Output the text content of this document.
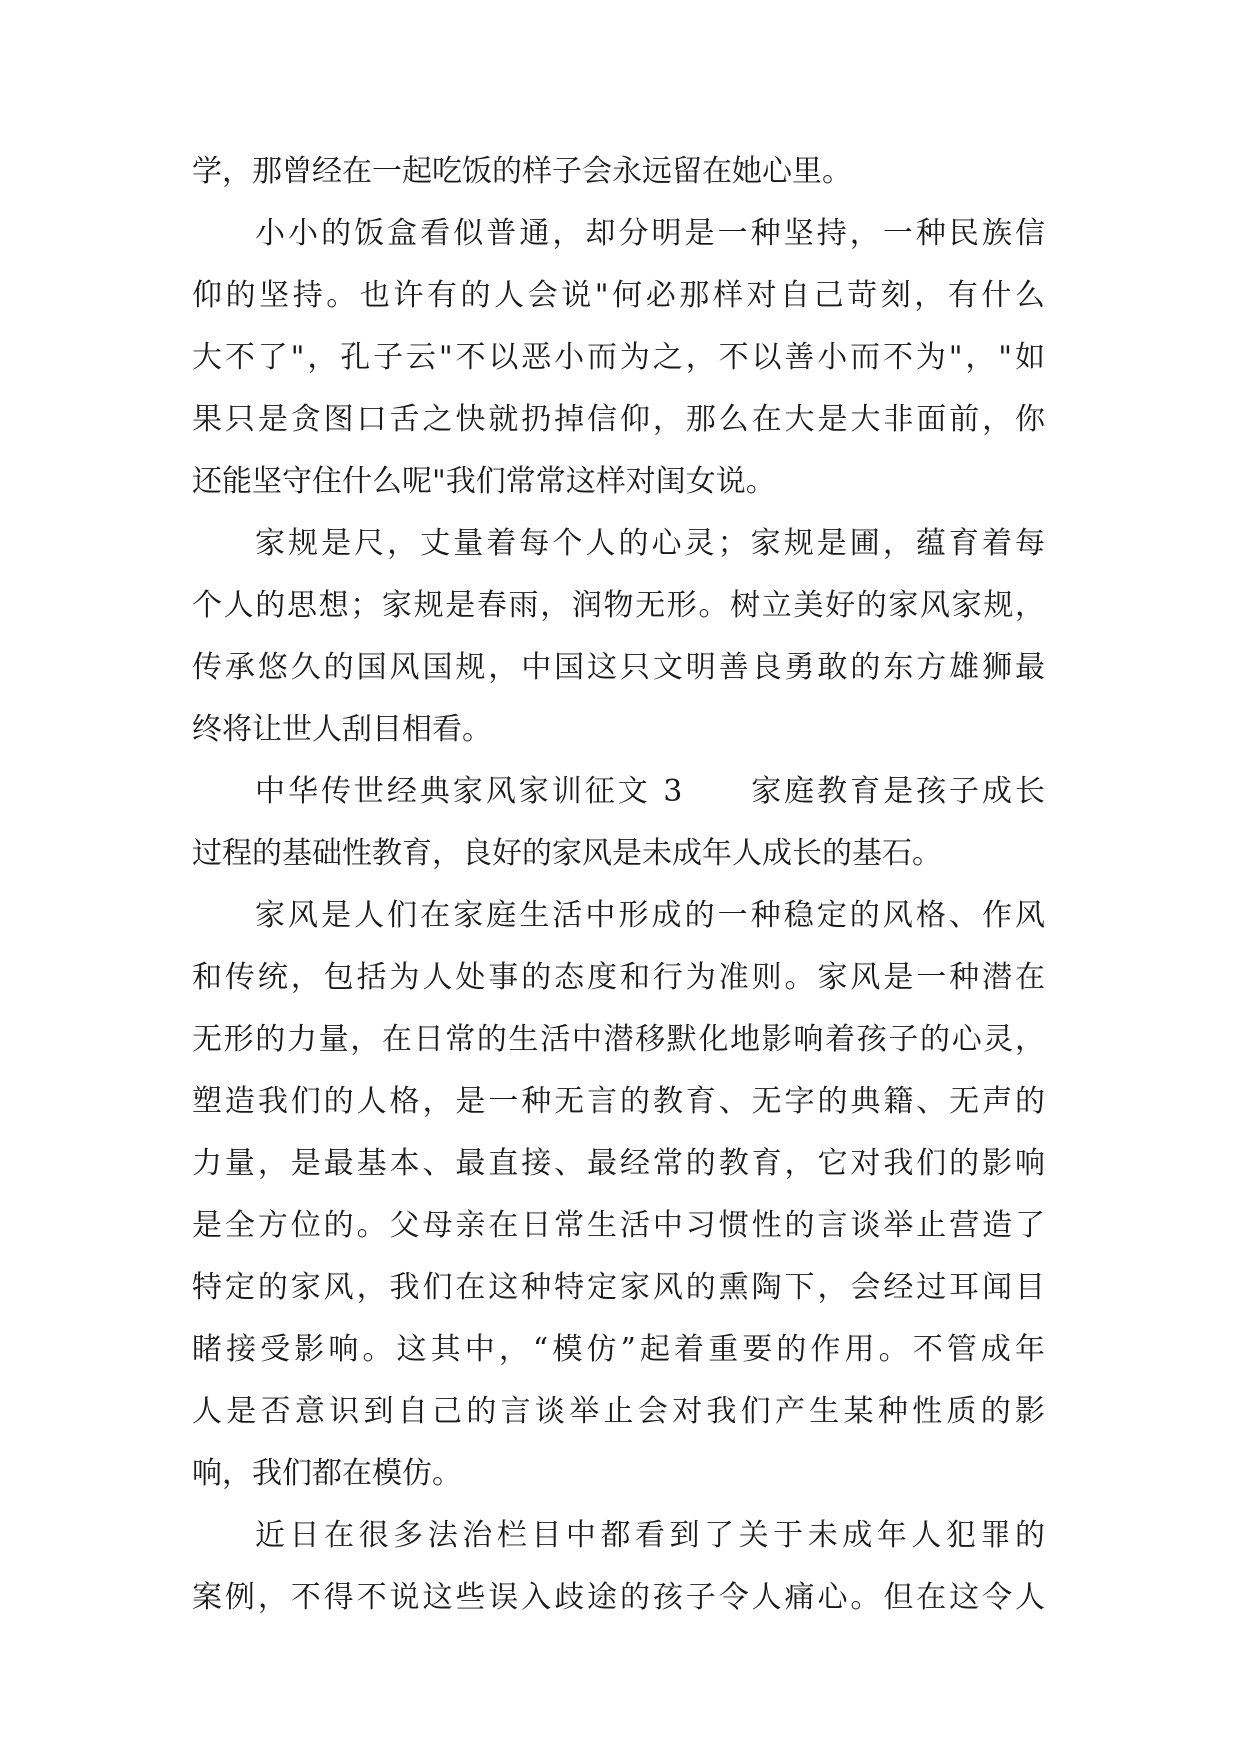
学，那曾经在一起吃饭的样子会永远留在她心里。
小小的饭盒看似普通，却分明是一种坚持，一种民族信
仰的坚持。也许有的人会说"何必那样对自己苛刻，有什么
大不了"，孔子云"不以恶小而为之，不以善小而不为"，"如
果只是贪图口舌之快就扔掉信仰，那么在大是大非面前，你
还能坚守住什么呢"我们常常这样对闺女说。
家规是尺，丈量着每个人的心灵；家规是圃，蕴育着每
个人的思想；家规是春雨，润物无形。树立美好的家风家规，
传承悠久的国风国规，中国这只文明善良勇敢的东方雄狮最
终将让世人刮目相看。
中华传世经典家风家训征文 3　　家庭教育是孩子成长
过程的基础性教育，良好的家风是未成年人成长的基石。
家风是人们在家庭生活中形成的一种稳定的风格、作风
和传统，包括为人处事的态度和行为准则。家风是一种潜在
无形的力量，在日常的生活中潜移默化地影响着孩子的心灵，
塑造我们的人格，是一种无言的教育、无字的典籍、无声的
力量，是最基本、最直接、最经常的教育，它对我们的影响
是全方位的。父母亲在日常生活中习惯性的言谈举止营造了
特定的家风，我们在这种特定家风的熏陶下，会经过耳闻目
睹接受影响。这其中，“模仿”起着重要的作用。不管成年
人是否意识到自己的言谈举止会对我们产生某种性质的影
响，我们都在模仿。
近日在很多法治栏目中都看到了关于未成年人犯罪的
案例，不得不说这些误入歧途的孩子令人痛心。但在这令人
